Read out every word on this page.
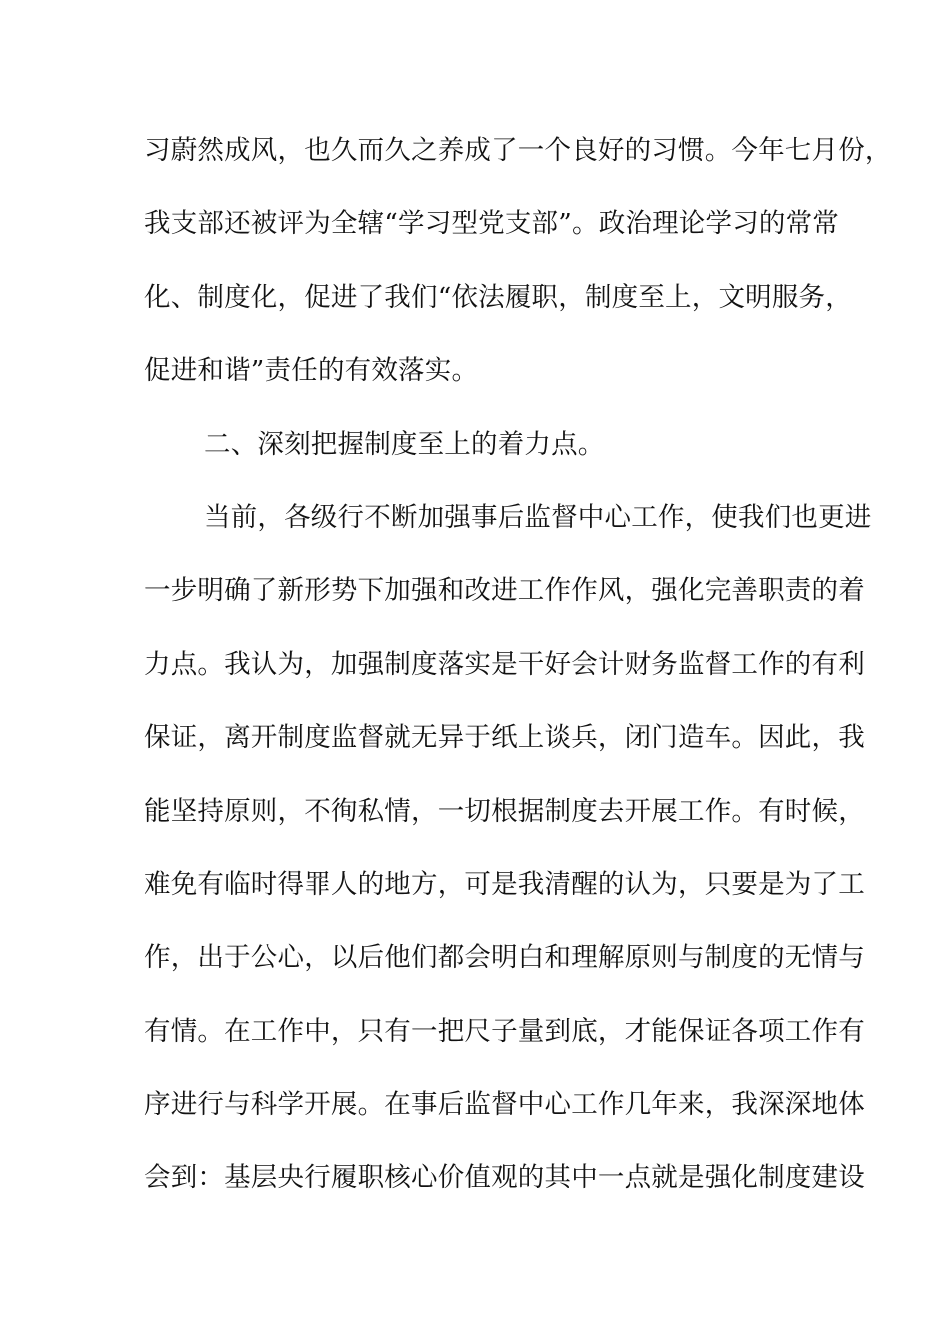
习蔚然成风，也久而久之养成了一个良好的习惯。今年七月份，
我支部还被评为全辖“学习型党支部”。政治理论学习的常常
化、制度化，促进了我们“依法履职，制度至上，文明服务，
促进和谐”责任的有效落实。
二、深刻把握制度至上的着力点。
当前，各级行不断加强事后监督中心工作，使我们也更进
一步明确了新形势下加强和改进工作作风，强化完善职责的着
力点。我认为，加强制度落实是干好会计财务监督工作的有利
保证，离开制度监督就无异于纸上谈兵，闭门造车。因此，我
能坚持原则，不徇私情，一切根据制度去开展工作。有时候，
难免有临时得罪人的地方，可是我清醒的认为，只要是为了工
作，出于公心，以后他们都会明白和理解原则与制度的无情与
有情。在工作中，只有一把尺子量到底，才能保证各项工作有
序进行与科学开展。在事后监督中心工作几年来，我深深地体
会到：基层央行履职核心价值观的其中一点就是强化制度建设
